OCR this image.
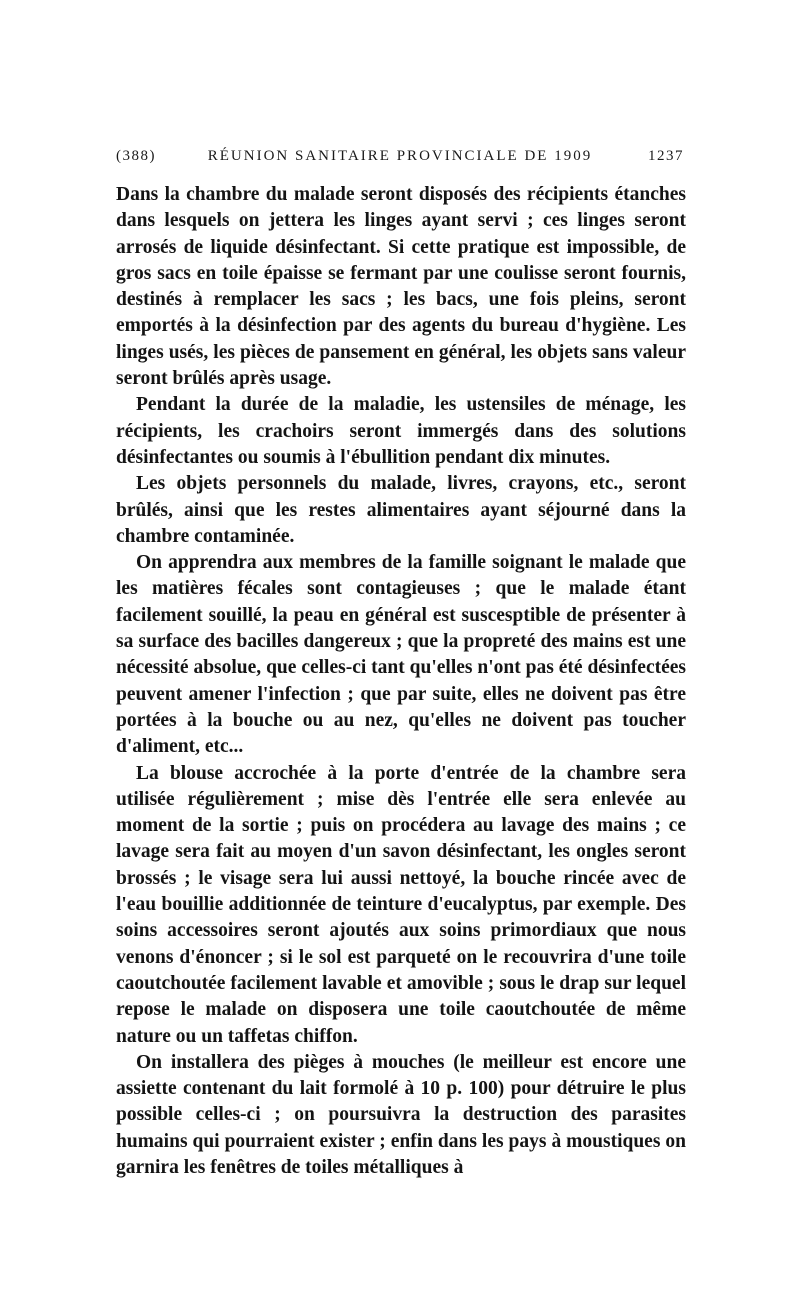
(388)	RÉUNION SANITAIRE PROVINCIALE DE 1909	1237

Dans la chambre du malade seront disposés des récipients étanches dans lesquels on jettera les linges ayant servi ; ces linges seront arrosés de liquide désinfectant. Si cette pratique est impossible, de gros sacs en toile épaisse se fermant par une coulisse seront fournis, destinés à remplacer les sacs ; les bacs, une fois pleins, seront emportés à la désinfection par des agents du bureau d'hygiène. Les linges usés, les pièces de pansement en général, les objets sans valeur seront brûlés après usage.

Pendant la durée de la maladie, les ustensiles de ménage, les récipients, les crachoirs seront immergés dans des solutions désinfectantes ou soumis à l'ébullition pendant dix minutes.

Les objets personnels du malade, livres, crayons, etc., seront brûlés, ainsi que les restes alimentaires ayant séjourné dans la chambre contaminée.

On apprendra aux membres de la famille soignant le malade que les matières fécales sont contagieuses ; que le malade étant facilement souillé, la peau en général est suscesptible de présenter à sa surface des bacilles dangereux ; que la propreté des mains est une nécessité absolue, que celles-ci tant qu'elles n'ont pas été désinfectées peuvent amener l'infection ; que par suite, elles ne doivent pas être portées à la bouche ou au nez, qu'elles ne doivent pas toucher d'aliment, etc...

La blouse accrochée à la porte d'entrée de la chambre sera utilisée régulièrement ; mise dès l'entrée elle sera enlevée au moment de la sortie ; puis on procédera au lavage des mains ; ce lavage sera fait au moyen d'un savon désinfectant, les ongles seront brossés ; le visage sera lui aussi nettoyé, la bouche rincée avec de l'eau bouillie additionnée de teinture d'eucalyptus, par exemple. Des soins accessoires seront ajoutés aux soins primordiaux que nous venons d'énoncer ; si le sol est parqueté on le recouvrira d'une toile caoutchoutée facilement lavable et amovible ; sous le drap sur lequel repose le malade on disposera une toile caoutchoutée de même nature ou un taffetas chiffon.

On installera des pièges à mouches (le meilleur est encore une assiette contenant du lait formolé à 10 p. 100) pour détruire le plus possible celles-ci ; on poursuivra la destruction des parasites humains qui pourraient exister ; enfin dans les pays à moustiques on garnira les fenêtres de toiles métalliques à
